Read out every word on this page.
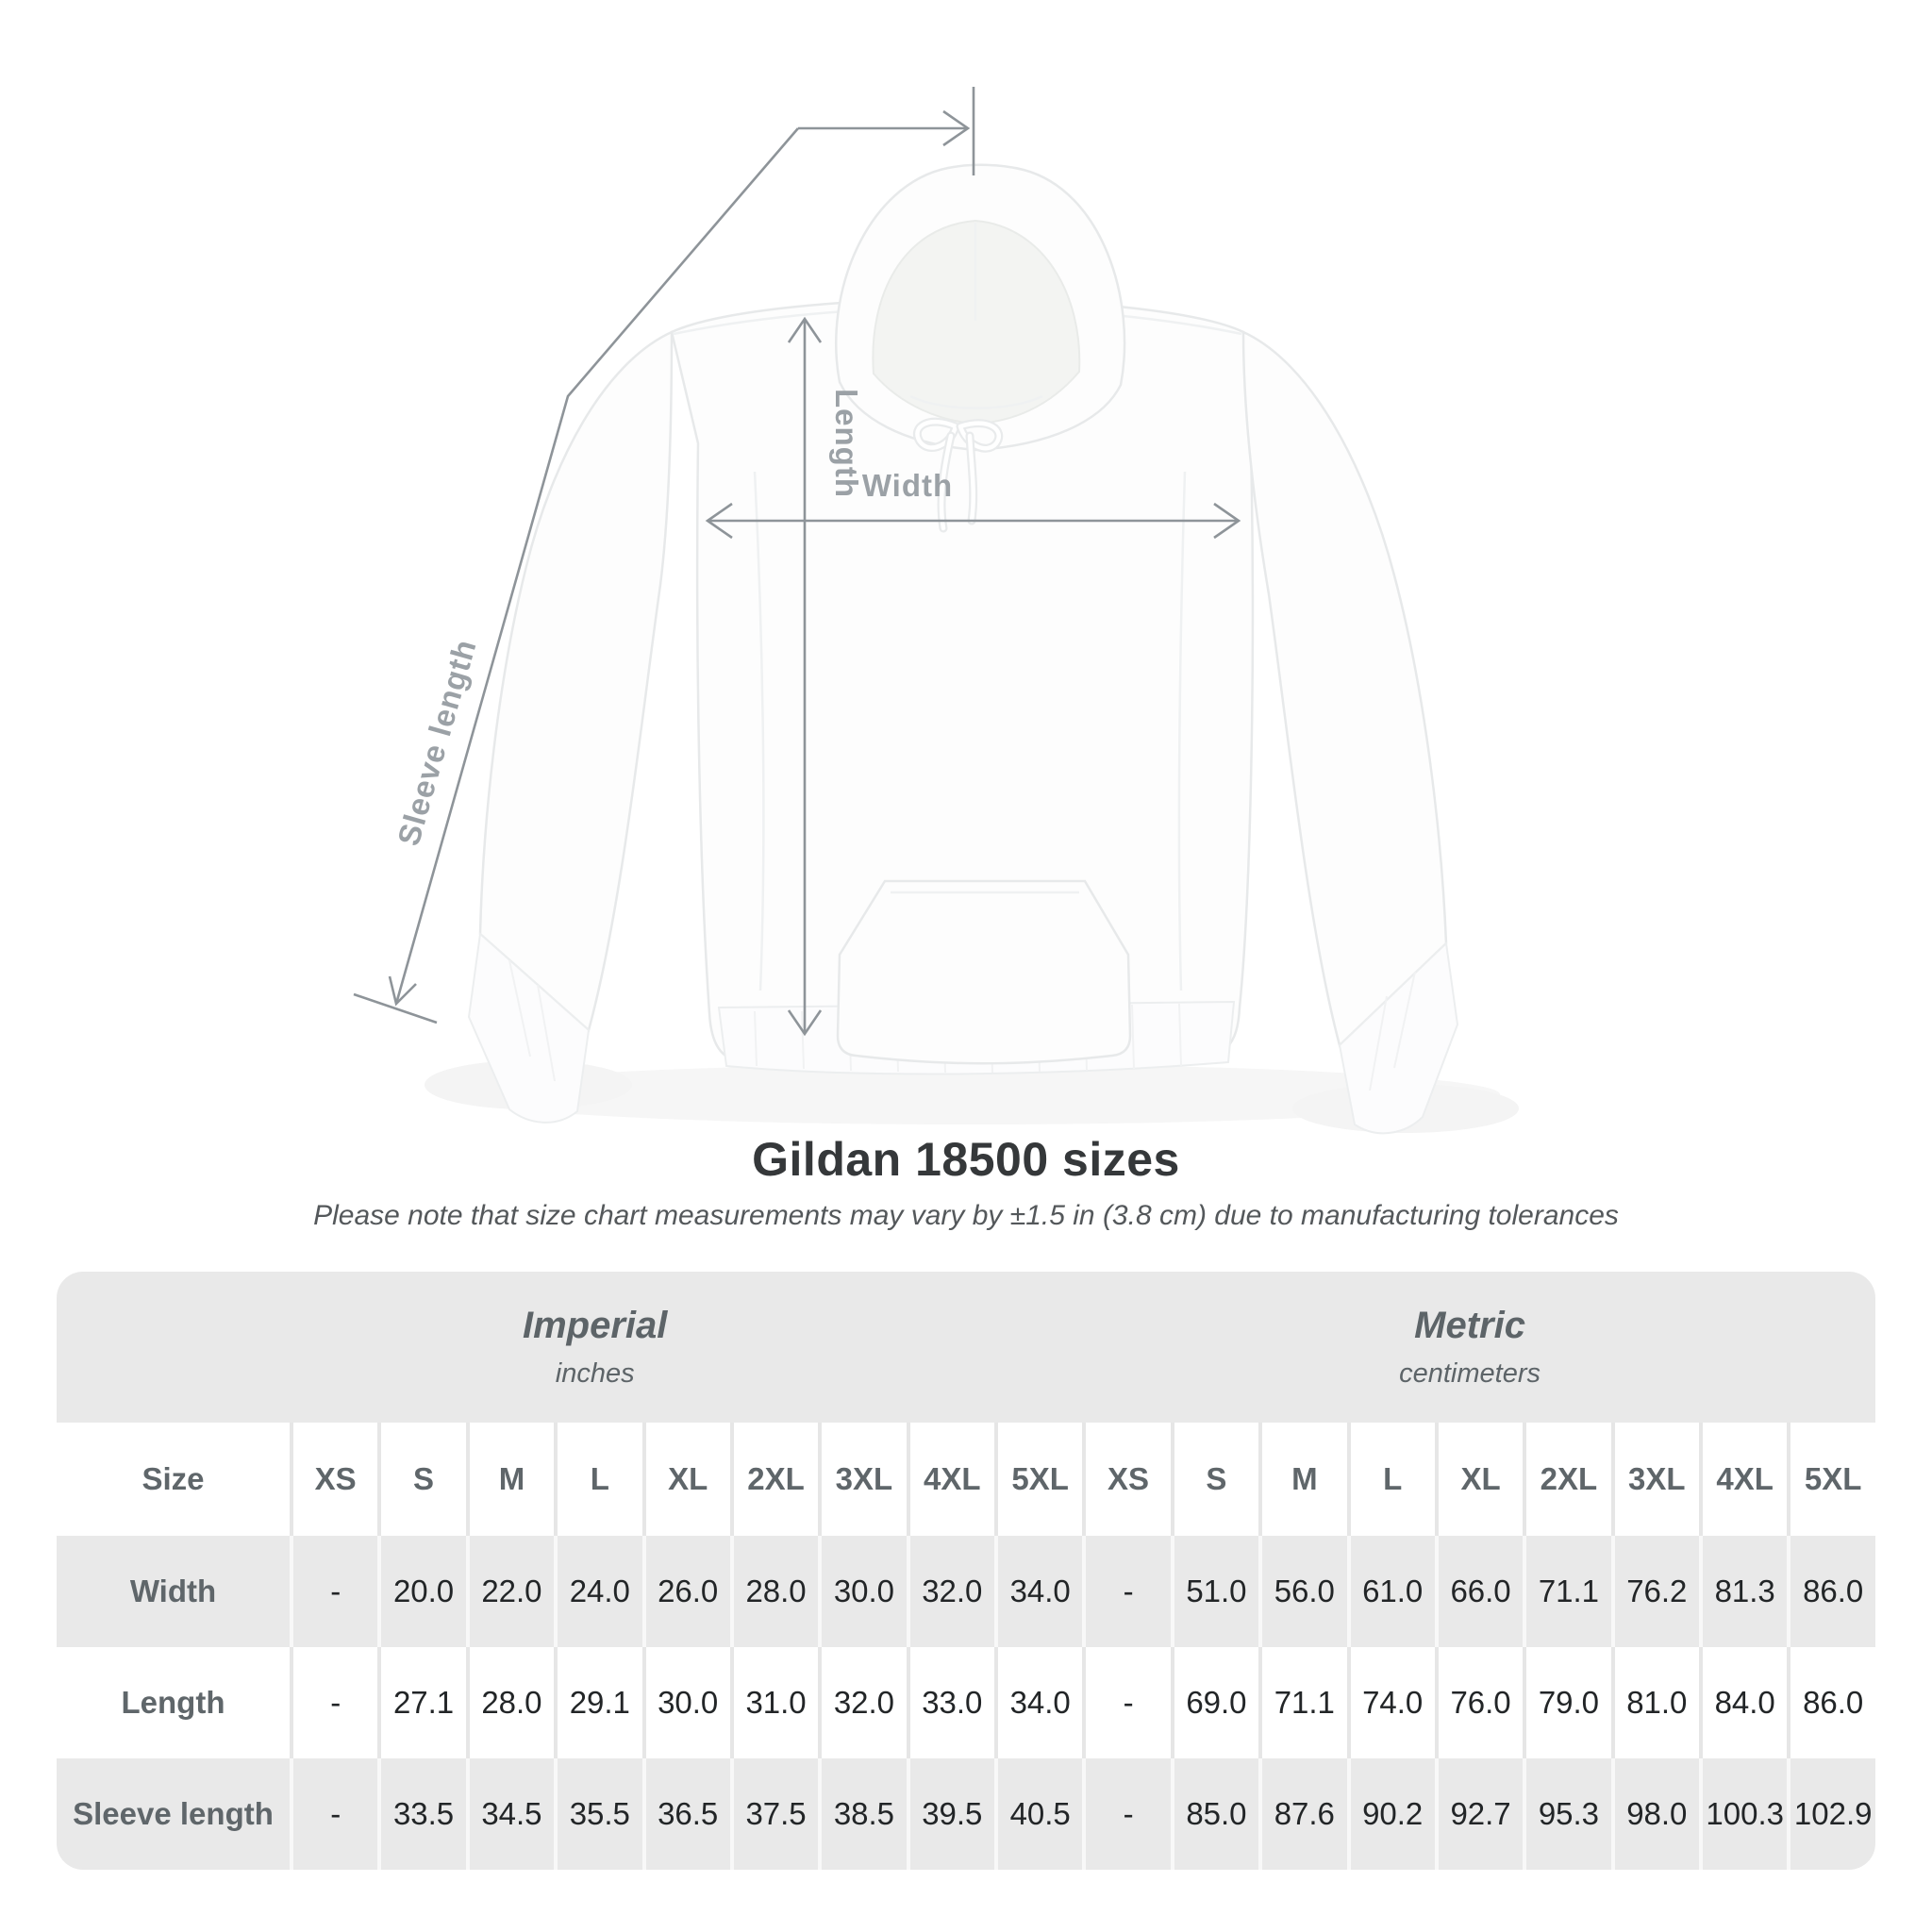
Sleeve length
Length
Width
Gildan 18500 sizes
Please note that size chart measurements may vary by ±1.5 in (3.8 cm) due to manufacturing tolerances
Imperial
inches
Metric
centimeters
Size	XS	S	M	L	XL	2XL	3XL	4XL	5XL	XS	S	M	L	XL	2XL	3XL	4XL	5XL
Width	-	20.0	22.0	24.0	26.0	28.0	30.0	32.0	34.0	-	51.0	56.0	61.0	66.0	71.1	76.2	81.3	86.0
Length	-	27.1	28.0	29.1	30.0	31.0	32.0	33.0	34.0	-	69.0	71.1	74.0	76.0	79.0	81.0	84.0	86.0
Sleeve length	-	33.5	34.5	35.5	36.5	37.5	38.5	39.5	40.5	-	85.0	87.6	90.2	92.7	95.3	98.0	100.3	102.9
